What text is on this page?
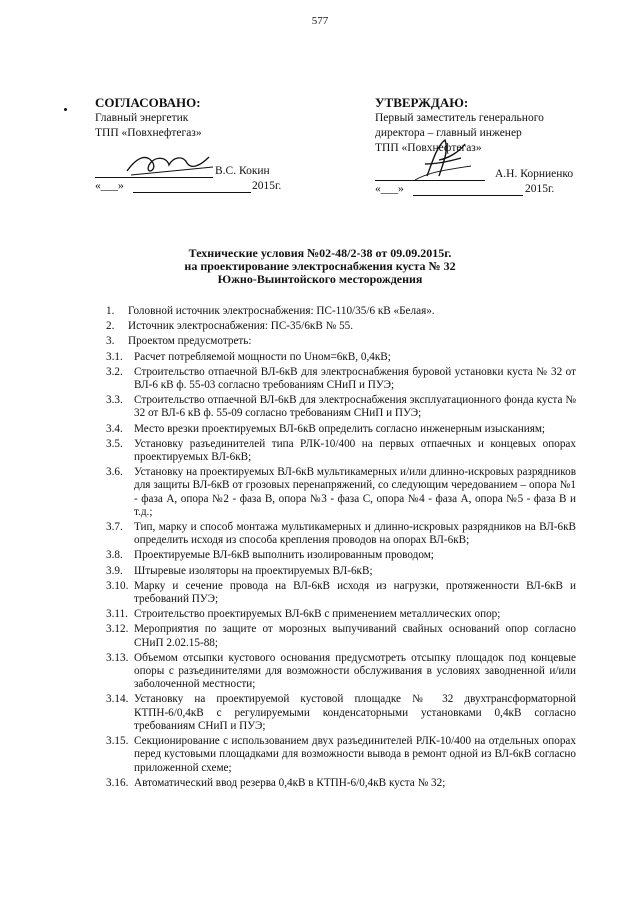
577
СОГЛАСОВАНО:
Главный энергетик
ТПП «Повхнефтегаз»
В.С. Кокин
«___»	2015г.
УТВЕРЖДАЮ:
Первый заместитель генерального
директора – главный инженер
ТПП «Повхнефтегаз»
А.Н. Корниенко
«___»	2015г.
Технические условия №02-48/2-38 от 09.09.2015г.
на проектирование электроснабжения куста № 32
Южно-Выинтойского месторождения
1.	Головной источник электроснабжения: ПС-110/35/6 кВ «Белая».
2.	Источник электроснабжения: ПС-35/6кВ № 55.
3.	Проектом предусмотреть:
3.1.	Расчет потребляемой мощности по Uном=6кВ, 0,4кВ;
3.2.	Строительство отпаечной ВЛ-6кВ для электроснабжения буровой установки куста № 32 от ВЛ-6 кВ ф. 55-03 согласно требованиям СНиП и ПУЭ;
3.3.	Строительство отпаечной ВЛ-6кВ для электроснабжения эксплуатационного фонда куста № 32 от ВЛ-6 кВ ф. 55-09 согласно требованиям СНиП и ПУЭ;
3.4.	Место врезки проектируемых ВЛ-6кВ определить согласно инженерным изысканиям;
3.5.	Установку разъединителей типа РЛК-10/400 на первых отпаечных и концевых опорах проектируемых ВЛ-6кВ;
3.6.	Установку на проектируемых ВЛ-6кВ мультикамерных и/или длинно-искровых разрядников для защиты ВЛ-6кВ от грозовых перенапряжений, со следующим чередованием – опора №1 - фаза А, опора №2 - фаза В, опора №3 - фаза С, опора №4 - фаза А, опора №5 - фаза В и т.д.;
3.7.	Тип, марку и способ монтажа мультикамерных и длинно-искровых разрядников на ВЛ-6кВ определить исходя из способа крепления проводов на опорах ВЛ-6кВ;
3.8.	Проектируемые ВЛ-6кВ выполнить изолированным проводом;
3.9.	Штыревые изоляторы на проектируемых ВЛ-6кВ;
3.10. Марку и сечение провода на ВЛ-6кВ исходя из нагрузки, протяженности ВЛ-6кВ и требований ПУЭ;
3.11. Строительство проектируемых ВЛ-6кВ с применением металлических опор;
3.12. Мероприятия по защите от морозных выпучиваний свайных оснований опор согласно СНиП 2.02.15-88;
3.13. Объемом отсыпки кустового основания предусмотреть отсыпку площадок под концевые опоры с разъединителями для возможности обслуживания в условиях заводненной и/или заболоченной местности;
3.14. Установку на проектируемой кустовой площадке № 32 двухтрансформаторной КТПН-6/0,4кВ с регулируемыми конденсаторными установками 0,4кВ согласно требованиям СНиП и ПУЭ;
3.15. Секционирование с использованием двух разъединителей РЛК-10/400 на отдельных опорах перед кустовыми площадками для возможности вывода в ремонт одной из ВЛ-6кВ согласно приложенной схеме;
3.16. Автоматический ввод резерва 0,4кВ в КТПН-6/0,4кВ куста № 32;
